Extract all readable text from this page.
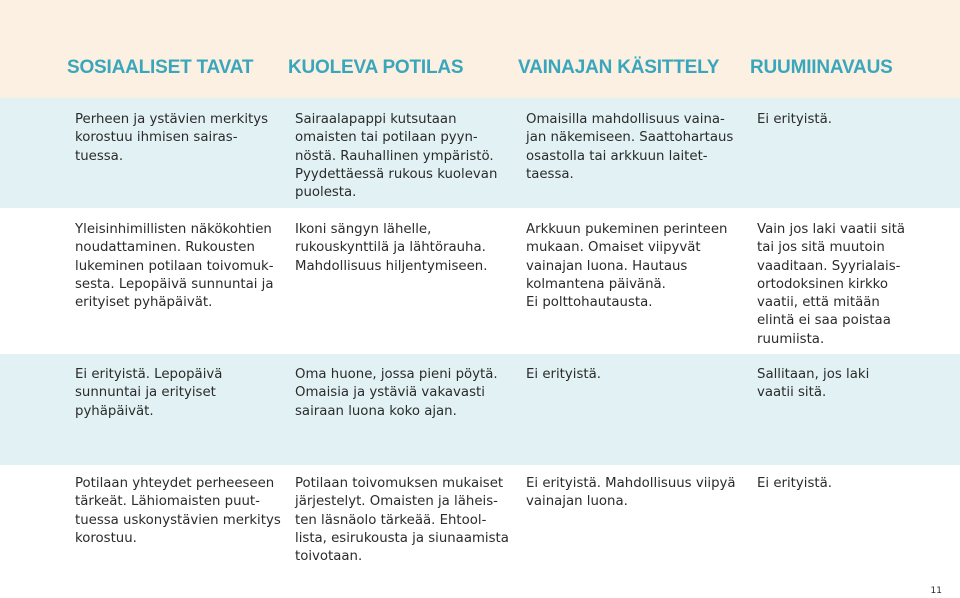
SOSIAALISET TAVAT KUOLEVA POTILAS	VAINAJAN KÄSITTELY RUUMIINAVAUS
Perheen ja ystävien merkitys
korostuu ihmisen sairas-
tuessa.
Sairaalapappi kutsutaan
omaisten tai potilaan pyyn-
nöstä. Rauhallinen ympäristö.
Pyydettäessä rukous kuolevan
puolesta.
Omaisilla mahdollisuus vaina-
jan näkemiseen. Saattohartaus
osastolla tai arkkuun laitet-
taessa.
Ei erityistä.
Yleisinhimillisten näkökohtien
noudattaminen. Rukousten
lukeminen potilaan toivomuk-
sesta. Lepopäivä sunnuntai ja
erityiset pyhäpäivät.
Ikoni sängyn lähelle,
rukouskynttilä ja lähtörauha.
Mahdollisuus hiljentymiseen.
Arkkuun pukeminen perinteen
mukaan. Omaiset viipyvät
vainajan luona. Hautaus
kolmantena päivänä.
Ei polttohautausta.
Vain jos laki vaatii sitä
tai jos sitä muutoin
vaaditaan. Syyrialais-
ortodoksinen kirkko
vaatii, että mitään
elintä ei saa poistaa
ruumiista.
Ei erityistä. Lepopäivä
sunnuntai ja erityiset
pyhäpäivät.
Oma huone, jossa pieni pöytä.
Omaisia ja ystäviä vakavasti
sairaan luona koko ajan.
Ei erityistä.	Sallitaan, jos laki
vaatii sitä.
Potilaan yhteydet perheeseen
tärkeät. Lähiomaisten puut-
tuessa uskonystävien merkitys
korostuu.
Potilaan toivomuksen mukaiset
järjestelyt. Omaisten ja läheis-
ten läsnäolo tärkeää. Ehtool-
lista, esirukousta ja siunaamista
toivotaan.
Ei erityistä. Mahdollisuus viipyä
vainajan luona.
Ei erityistä.
11
